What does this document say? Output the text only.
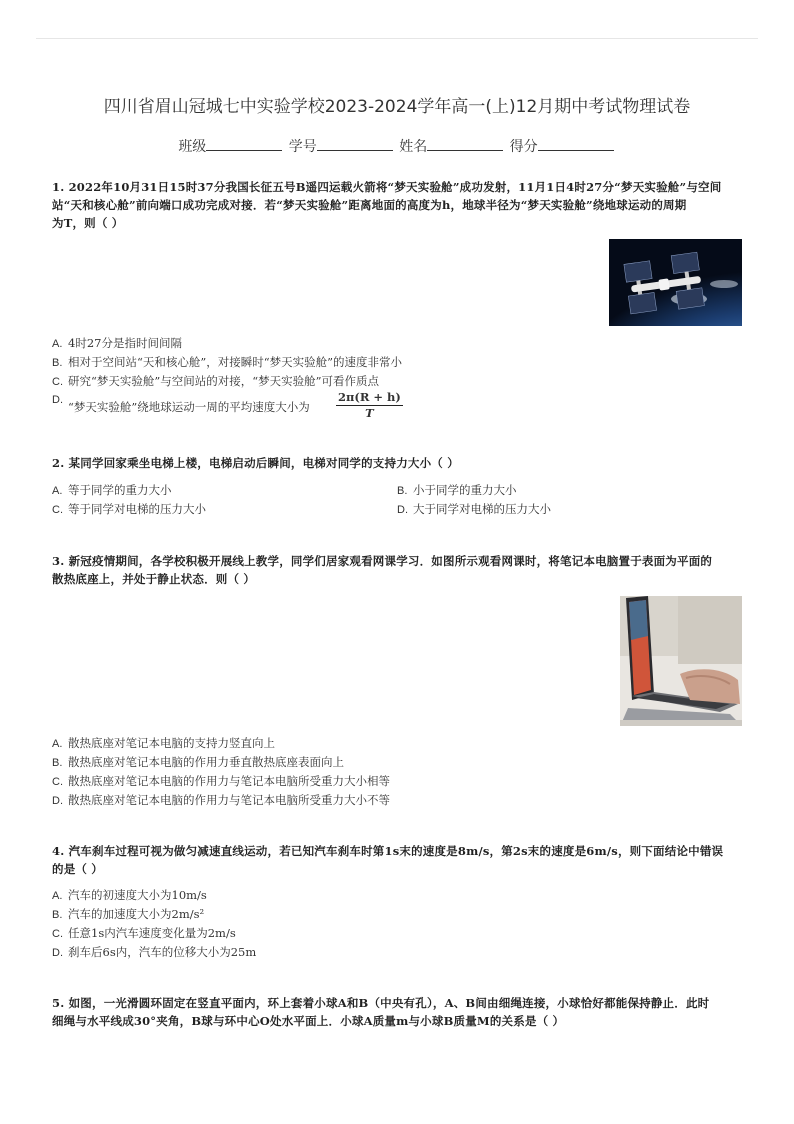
四川省眉山冠城七中实验学校2023-2024学年高一(上)12月期中考试物理试卷
班级	学号	姓名	得分
1. 2022年10月31日15时37分我国长征五号B遥四运载火箭将“梦天实验舱”成功发射，11月1日4时27分“梦天实验舱”与空间
站“天和核心舱”前向端口成功完成对接．若“梦天实验舱”距离地面的高度为h，地球半径为“梦天实验舱”绕地球运动的周期
为T，则（ ）
A. 4时27分是指时间间隔
B. 相对于空间站“天和核心舱”，对接瞬时“梦天实验舱”的速度非常小
C. 研究“梦天实验舱”与空间站的对接，“梦天实验舱”可看作质点
D. “梦天实验舱”绕地球运动一周的平均速度大小为 $\frac{2\pi(R + h)}{T}$
2. 某同学回家乘坐电梯上楼，电梯启动后瞬间，电梯对同学的支持力大小（ ）
A. 等于同学的重力大小	B. 小于同学的重力大小
C. 等于同学对电梯的压力大小	D. 大于同学对电梯的压力大小
3. 新冠疫情期间，各学校积极开展线上教学，同学们居家观看网课学习．如图所示观看网课时，将笔记本电脑置于表面为平面的
散热底座上，并处于静止状态．则（ ）
A. 散热底座对笔记本电脑的支持力竖直向上
B. 散热底座对笔记本电脑的作用力垂直散热底座表面向上
C. 散热底座对笔记本电脑的作用力与笔记本电脑所受重力大小相等
D. 散热底座对笔记本电脑的作用力与笔记本电脑所受重力大小不等
4. 汽车刹车过程可视为做匀减速直线运动，若已知汽车刹车时第1s末的速度是8m/s，第2s末的速度是6m/s，则下面结论中错误
的是（ ）
A. 汽车的初速度大小为10m/s
B. 汽车的加速度大小为2m/s²
C. 任意1s内汽车速度变化量为2m/s
D. 刹车后6s内，汽车的位移大小为25m
5. 如图，一光滑圆环固定在竖直平面内，环上套着小球A和B（中央有孔），A、B间由细绳连接，小球恰好都能保持静止．此时
细绳与水平线成30°夹角，B球与环中心O处水平面上．小球A质量m与小球B质量M的关系是（ ）
